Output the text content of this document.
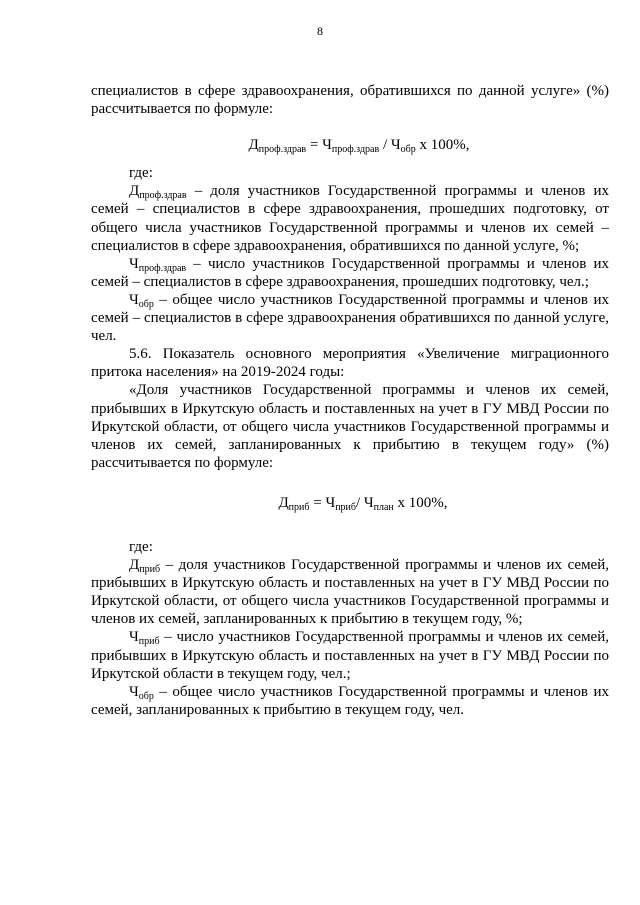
8

специалистов в сфере здравоохранения, обратившихся по данной услуге» (%)

рассчитывается по формуле:

$Д_{проф.здрав} = Ч_{проф.здрав} / Ч_{обр}$ x 100%,

где:

$Д_{проф.здрав}$ – доля участников Государственной программы и членов их семей – специалистов в сфере здравоохранения, прошедших подготовку, от общего числа участников Государственной программы и членов их семей – специалистов в сфере здравоохранения, обратившихся по данной услуге, %;

$Ч_{проф.здрав}$ – число участников Государственной программы и членов их семей – специалистов в сфере здравоохранения, прошедших подготовку, чел.;

$Ч_{обр}$ – общее число участников Государственной программы и членов их семей – специалистов в сфере здравоохранения обратившихся по данной услуге, чел.

5.6. Показатель основного мероприятия «Увеличение миграционного притока населения» на 2019-2024 годы:

«Доля участников Государственной программы и членов их семей, прибывших в Иркутскую область и поставленных на учет в ГУ МВД России по Иркутской области, от общего числа участников Государственной программы и членов их семей, запланированных к прибытию в текущем году» (%) рассчитывается по формуле:

$Д_{приб} = Ч_{приб}/$ $Ч_{план}$ x 100%,

где:

$Д_{приб}$ – доля участников Государственной программы и членов их семей, прибывших в Иркутскую область и поставленных на учет в ГУ МВД России по Иркутской области, от общего числа участников Государственной программы и членов их семей, запланированных к прибытию в текущем году, %;

$Ч_{приб}$ – число участников Государственной программы и членов их семей, прибывших в Иркутскую область и поставленных на учет в ГУ МВД России по Иркутской области в текущем году, чел.;

$Ч_{обр}$ – общее число участников Государственной программы и членов их семей, запланированных к прибытию в текущем году, чел.
